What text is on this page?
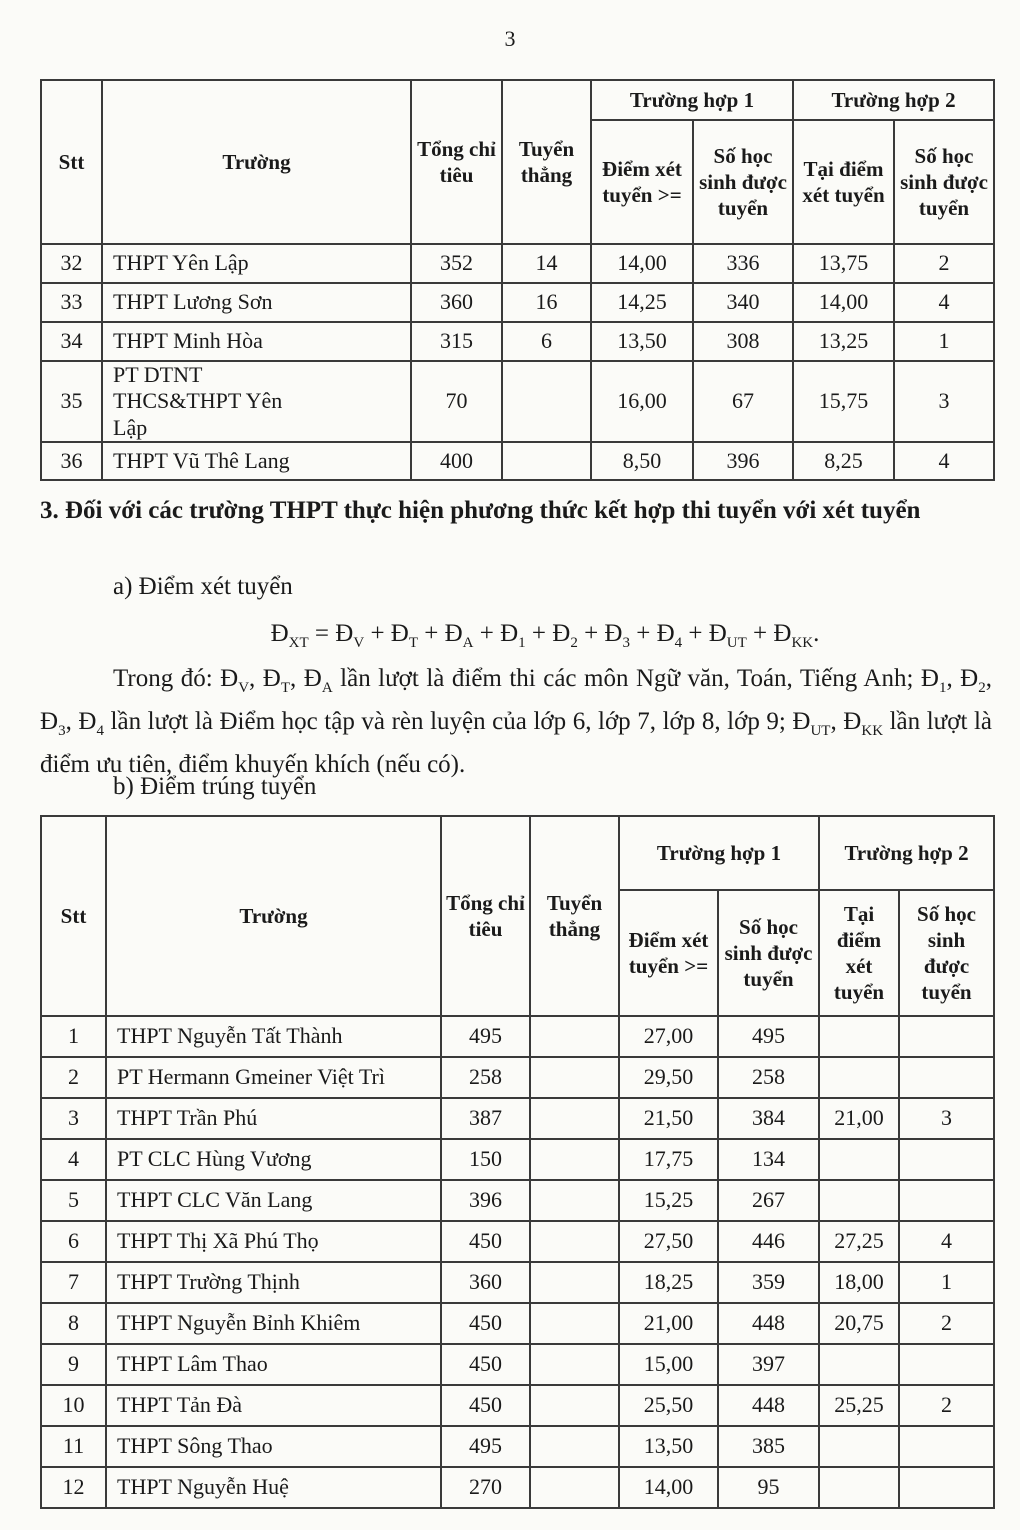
3
Stt	Trường	Tổng chỉ tiêu	Tuyển thẳng	Trường hợp 1		Trường hợp 2	
				Điểm xét tuyển >=	Số học sinh được tuyển	Tại điểm xét tuyển	Số học sinh được tuyển
32	THPT Yên Lập	352	14	14,00	336	13,75	2
33	THPT Lương Sơn	360	16	14,25	340	14,00	4
34	THPT Minh Hòa	315	6	13,50	308	13,25	1
35	PT DTNT THCS&THPT Yên Lập	70		16,00	67	15,75	3
36	THPT Vũ Thê Lang	400		8,50	396	8,25	4
3. Đối với các trường THPT thực hiện phương thức kết hợp thi tuyển với xét tuyển
a) Điểm xét tuyển
$Đ_{XT}$ = $Đ_V$ + $Đ_T$ + $Đ_A$ + $Đ_1$ + $Đ_2$ + $Đ_3$ + $Đ_4$ + $Đ_{UT}$ + $Đ_{KK}$.
Trong đó: $Đ_V$, $Đ_T$, $Đ_A$ lần lượt là điểm thi các môn Ngữ văn, Toán, Tiếng Anh; $Đ_1$, $Đ_2$, $Đ_3$, $Đ_4$ lần lượt là Điểm học tập và rèn luyện của lớp 6, lớp 7, lớp 8, lớp 9; $Đ_{UT}$, $Đ_{KK}$ lần lượt là điểm ưu tiên, điểm khuyến khích (nếu có).
b) Điểm trúng tuyển
Stt	Trường	Tổng chỉ tiêu	Tuyển thẳng	Trường hợp 1		Trường hợp 2	
				Điểm xét tuyển >=	Số học sinh được tuyển	Tại điểm xét tuyển	Số học sinh được tuyển
1	THPT Nguyễn Tất Thành	495		27,00	495		
2	PT Hermann Gmeiner Việt Trì	258		29,50	258		
3	THPT Trần Phú	387		21,50	384	21,00	3
4	PT CLC Hùng Vương	150		17,75	134		
5	THPT CLC Văn Lang	396		15,25	267		
6	THPT Thị Xã Phú Thọ	450		27,50	446	27,25	4
7	THPT Trường Thịnh	360		18,25	359	18,00	1
8	THPT Nguyễn Bỉnh Khiêm	450		21,00	448	20,75	2
9	THPT Lâm Thao	450		15,00	397		
10	THPT Tản Đà	450		25,50	448	25,25	2
11	THPT Sông Thao	495		13,50	385		
12	THPT Nguyễn Huệ	270		14,00	95		
